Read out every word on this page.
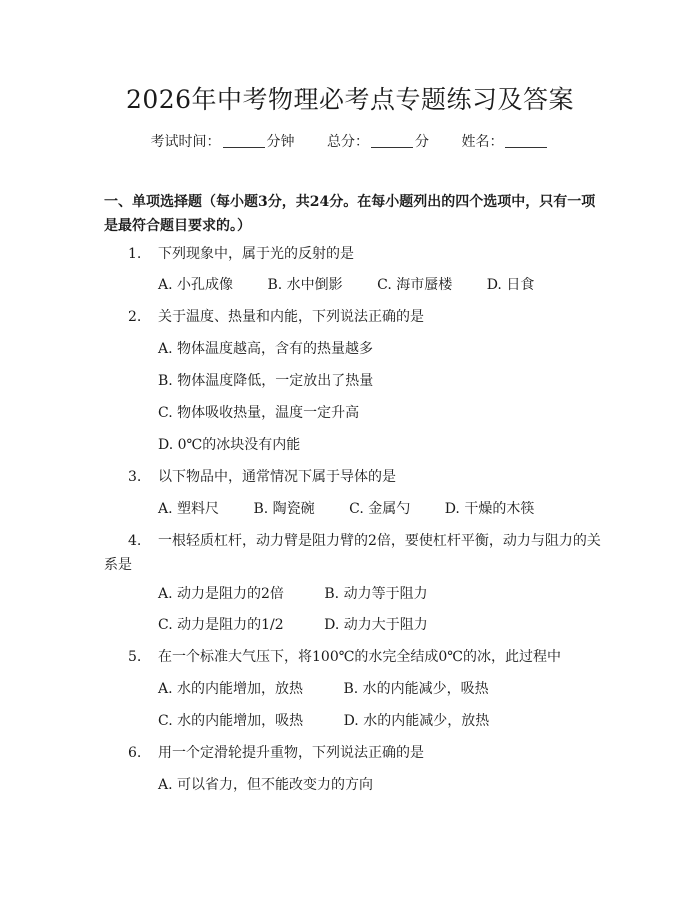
2026年中考物理必考点专题练习及答案
考试时间：	分钟 总分：	分 姓名：
一、单项选择题（每小题3分，共24分。在每小题列出的四个选项中，只有一项是最符合题目要求的。）
1. 下列现象中，属于光的反射的是
A. 小孔成像 B. 水中倒影 C. 海市蜃楼 D. 日食
2. 关于温度、热量和内能，下列说法正确的是
A. 物体温度越高，含有的热量越多
B. 物体温度降低，一定放出了热量
C. 物体吸收热量，温度一定升高
D. 0℃的冰块没有内能
3. 以下物品中，通常情况下属于导体的是
A. 塑料尺 B. 陶瓷碗 C. 金属勺 D. 干燥的木筷
4. 一根轻质杠杆，动力臂是阻力臂的2倍，要使杠杆平衡，动力与阻力的关系是
A. 动力是阻力的2倍	B. 动力等于阻力
C. 动力是阻力的1/2	D. 动力大于阻力
5. 在一个标准大气压下，将100℃的水完全结成0℃的冰，此过程中
A. 水的内能增加，放热	B. 水的内能减少，吸热
C. 水的内能增加，吸热	D. 水的内能减少，放热
6. 用一个定滑轮提升重物，下列说法正确的是
A. 可以省力，但不能改变力的方向
